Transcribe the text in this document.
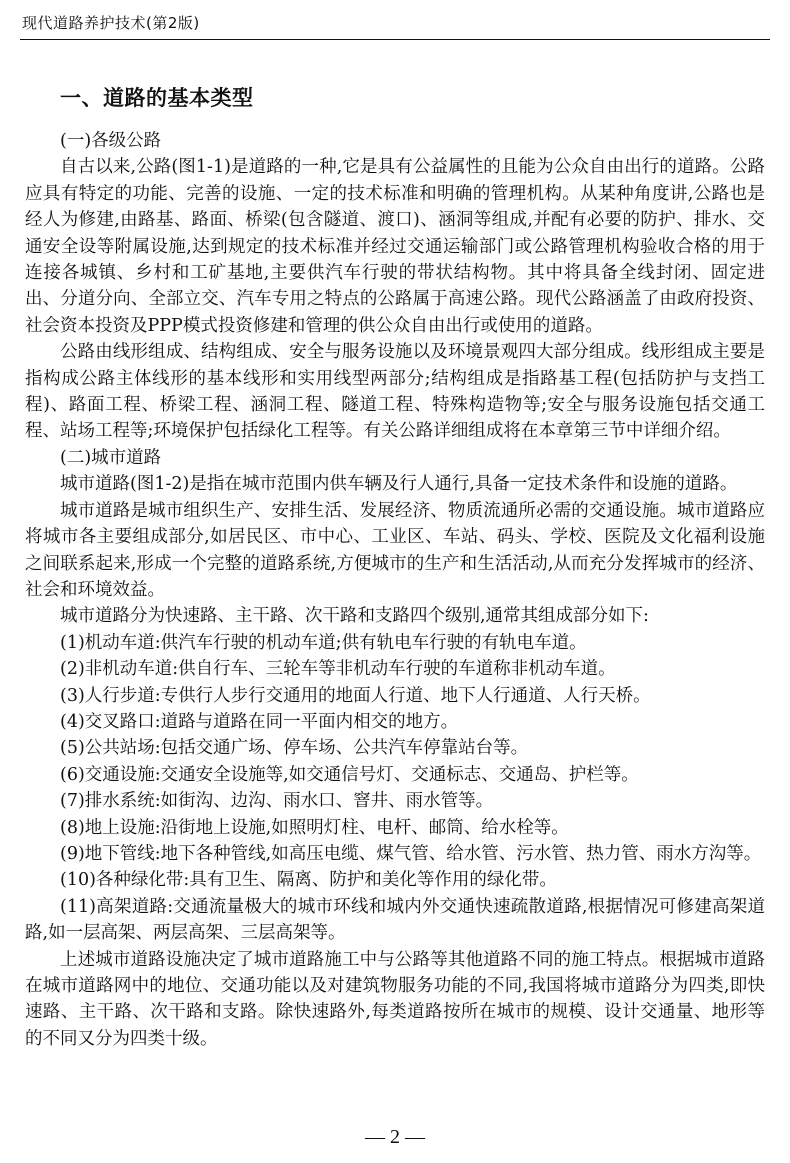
现代道路养护技术(第2版)
一、道路的基本类型

(一)各级公路

自古以来,公路(图1-1)是道路的一种,它是具有公益属性的且能为公众自由出行的道路。公路应具有特定的功能、完善的设施、一定的技术标准和明确的管理机构。从某种角度讲,公路也是经人为修建,由路基、路面、桥梁(包含隧道、渡口)、涵洞等组成,并配有必要的防护、排水、交通安全设等附属设施,达到规定的技术标准并经过交通运输部门或公路管理机构验收合格的用于连接各城镇、乡村和工矿基地,主要供汽车行驶的带状结构物。其中将具备全线封闭、固定进出、分道分向、全部立交、汽车专用之特点的公路属于高速公路。现代公路涵盖了由政府投资、社会资本投资及PPP模式投资修建和管理的供公众自由出行或使用的道路。

公路由线形组成、结构组成、安全与服务设施以及环境景观四大部分组成。线形组成主要是指构成公路主体线形的基本线形和实用线型两部分;结构组成是指路基工程(包括防护与支挡工程)、路面工程、桥梁工程、涵洞工程、隧道工程、特殊构造物等;安全与服务设施包括交通工程、站场工程等;环境保护包括绿化工程等。有关公路详细组成将在本章第三节中详细介绍。

(二)城市道路

城市道路(图1-2)是指在城市范围内供车辆及行人通行,具备一定技术条件和设施的道路。

城市道路是城市组织生产、安排生活、发展经济、物质流通所必需的交通设施。城市道路应将城市各主要组成部分,如居民区、市中心、工业区、车站、码头、学校、医院及文化福利设施之间联系起来,形成一个完整的道路系统,方便城市的生产和生活活动,从而充分发挥城市的经济、社会和环境效益。

城市道路分为快速路、主干路、次干路和支路四个级别,通常其组成部分如下:

(1)机动车道:供汽车行驶的机动车道;供有轨电车行驶的有轨电车道。

(2)非机动车道:供自行车、三轮车等非机动车行驶的车道称非机动车道。

(3)人行步道:专供行人步行交通用的地面人行道、地下人行通道、人行天桥。

(4)交叉路口:道路与道路在同一平面内相交的地方。

(5)公共站场:包括交通广场、停车场、公共汽车停靠站台等。

(6)交通设施:交通安全设施等,如交通信号灯、交通标志、交通岛、护栏等。

(7)排水系统:如街沟、边沟、雨水口、窨井、雨水管等。

(8)地上设施:沿街地上设施,如照明灯柱、电杆、邮筒、给水栓等。

(9)地下管线:地下各种管线,如高压电缆、煤气管、给水管、污水管、热力管、雨水方沟等。

(10)各种绿化带:具有卫生、隔离、防护和美化等作用的绿化带。

(11)高架道路:交通流量极大的城市环线和城内外交通快速疏散道路,根据情况可修建高架道路,如一层高架、两层高架、三层高架等。

上述城市道路设施决定了城市道路施工中与公路等其他道路不同的施工特点。根据城市道路在城市道路网中的地位、交通功能以及对建筑物服务功能的不同,我国将城市道路分为四类,即快速路、主干路、次干路和支路。除快速路外,每类道路按所在城市的规模、设计交通量、地形等的不同又分为四类十级。

— 2 —
